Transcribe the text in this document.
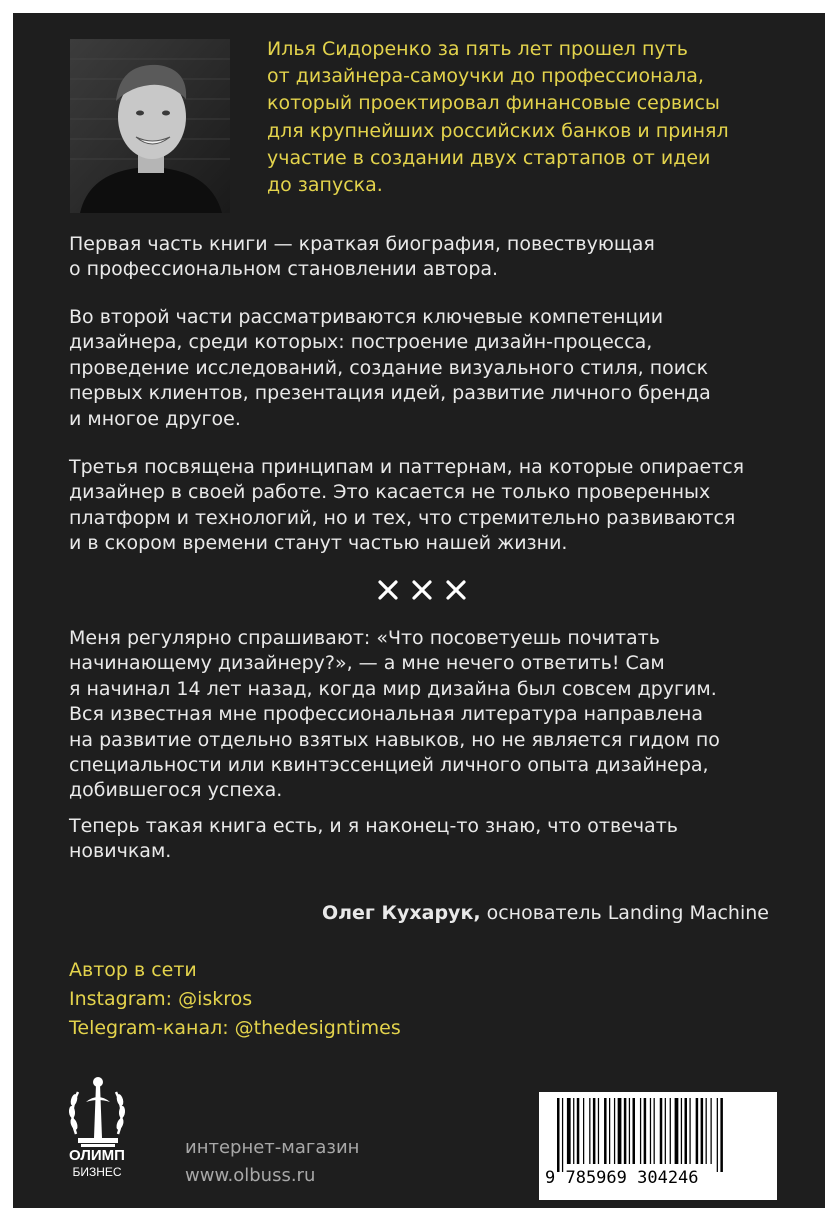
Илья Сидоренко за пять лет прошел путь
от дизайнера-самоучки до профессионала,
который проектировал финансовые сервисы
для крупнейших российских банков и принял
участие в создании двух стартапов от идеи
до запуска.

Первая часть книги — краткая биография, повествующая
о профессиональном становлении автора.

Во второй части рассматриваются ключевые компетенции
дизайнера, среди которых: построение дизайн-процесса,
проведение исследований, создание визуального стиля, поиск
первых клиентов, презентация идей, развитие личного бренда
и многое другое.

Третья посвящена принципам и паттернам, на которые опирается
дизайнер в своей работе. Это касается не только проверенных
платформ и технологий, но и тех, что стремительно развиваются
и в скором времени станут частью нашей жизни.

Меня регулярно спрашивают: «Что посоветуешь почитать
начинающему дизайнеру?», — а мне нечего ответить! Сам
я начинал 14 лет назад, когда мир дизайна был совсем другим.
Вся известная мне профессиональная литература направлена
на развитие отдельно взятых навыков, но не является гидом по
специальности или квинтэссенцией личного опыта дизайнера,
добившегося успеха.

Теперь такая книга есть, и я наконец-то знаю, что отвечать
новичкам.

Олег Кухарук, основатель Landing Machine
Автор в сети
Instagram: @iskros
Telegram-канал: @thedesigntimes
ОЛИМП
БИЗНЕС
интернет-магазин
www.olbuss.ru	9 785969 304246
